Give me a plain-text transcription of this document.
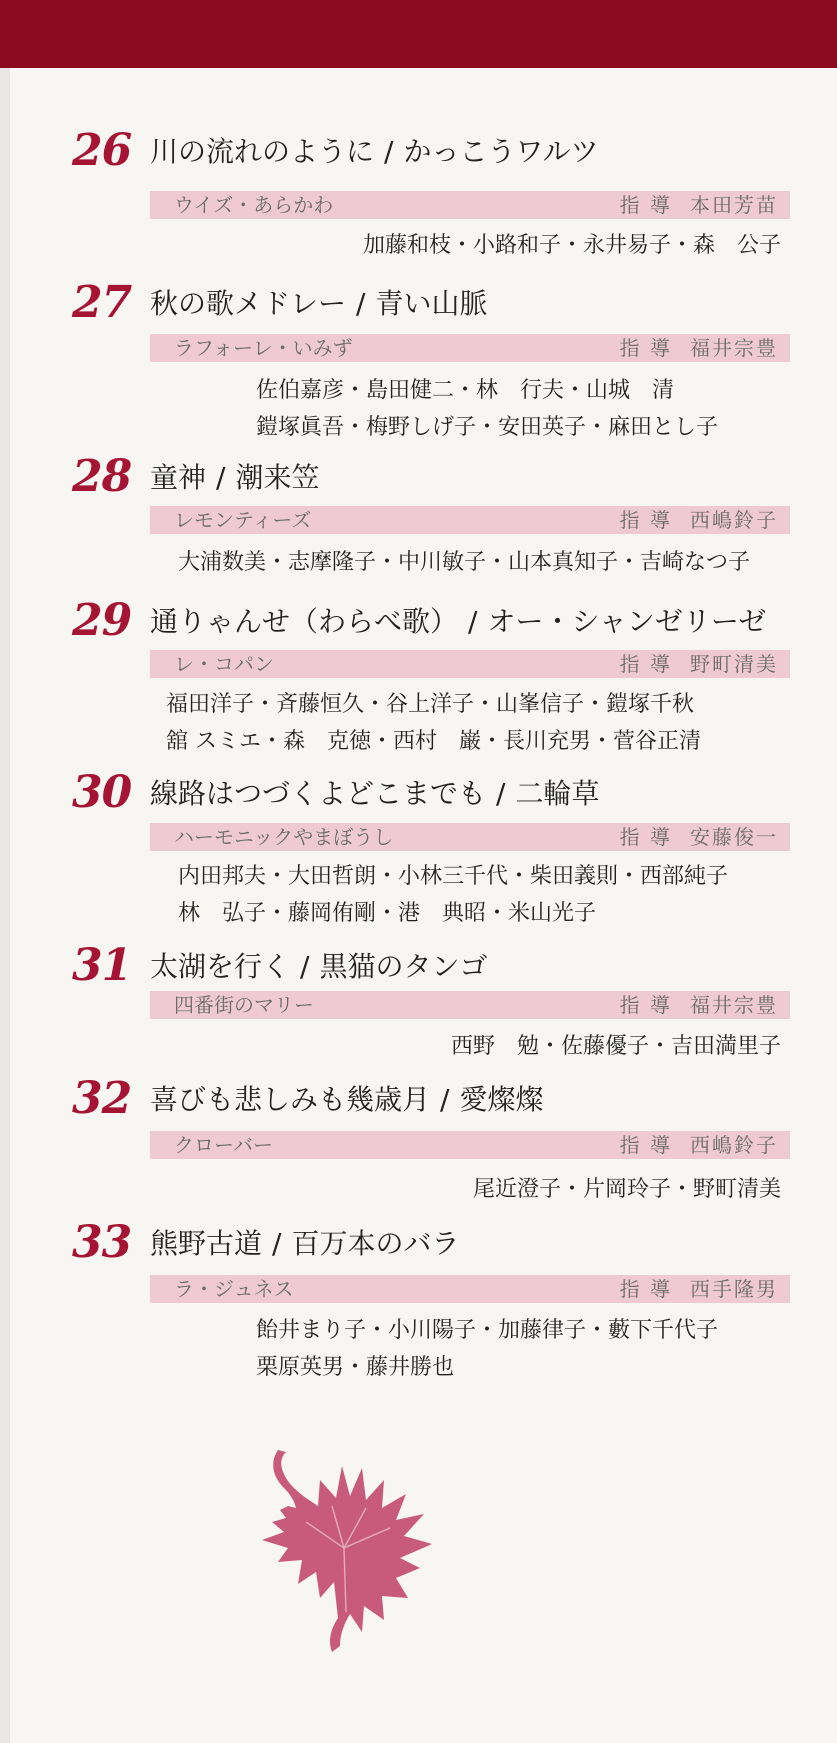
26 川の流れのように / かっこうワルツ
ウイズ・あらかわ	指 導 本田芳苗
加藤和枝・小路和子・永井易子・森　公子
27 秋の歌メドレー / 青い山脈
ラフォーレ・いみず	指 導 福井宗豊
佐伯嘉彦・島田健二・林　行夫・山城　清
鎧塚眞吾・梅野しげ子・安田英子・麻田とし子
28 童神 / 潮来笠
レモンティーズ	指 導 西嶋鈴子
大浦数美・志摩隆子・中川敏子・山本真知子・吉崎なつ子
29 通りゃんせ（わらべ歌） / オー・シャンゼリーゼ
レ・コパン	指 導 野町清美
福田洋子・斉藤恒久・谷上洋子・山峯信子・鎧塚千秋
舘 スミエ・森　克徳・西村　巌・長川充男・菅谷正清
30 線路はつづくよどこまでも / 二輪草
ハーモニックやまぼうし	指 導 安藤俊一
内田邦夫・大田哲朗・小林三千代・柴田義則・西部純子
林　弘子・藤岡侑剛・港　典昭・米山光子
31 太湖を行く / 黒猫のタンゴ
四番街のマリー	指 導 福井宗豊
西野　勉・佐藤優子・吉田満里子
32 喜びも悲しみも幾歳月 / 愛燦燦
クローバー	指 導 西嶋鈴子
尾近澄子・片岡玲子・野町清美
33 熊野古道 / 百万本のバラ
ラ・ジュネス	指 導 西手隆男
飴井まり子・小川陽子・加藤律子・藪下千代子
栗原英男・藤井勝也
